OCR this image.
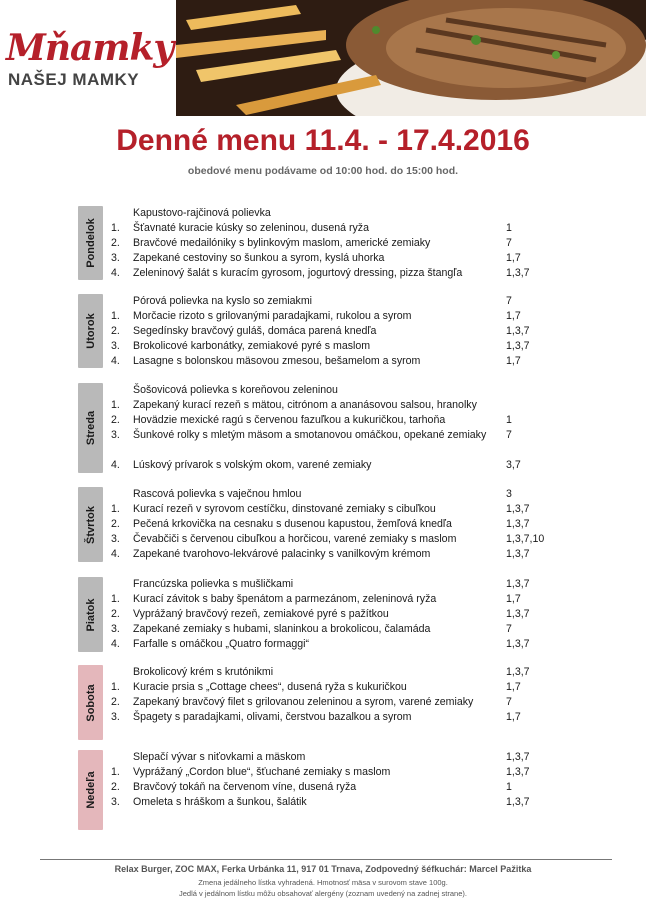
Mňamky
NAŠEJ MAMKY
Denné menu 11.4. - 17.4.2016
obedové menu podávame od 10:00 hod. do 15:00 hod.
Pondelok
Kapustovo-rajčinová polievka
1. Šťavnaté kuracie kúsky so zeleninou, dusená ryža	1
2. Bravčové medailóniky s bylinkovým maslom, americké zemiaky	7
3. Zapekané cestoviny so šunkou a syrom, kyslá uhorka	1,7
4. Zeleninový šalát s kuracím gyrosom, jogurtový dressing, pizza štangľa	1,3,7
Utorok
Pórová polievka na kyslo so zemiakmi	7
1. Morčacie rizoto s grilovanými paradajkami, rukolou a syrom	1,7
2. Segedínsky bravčový guláš, domáca parená knedľa	1,3,7
3. Brokolicové karbonátky, zemiakové pyré s maslom	1,3,7
4. Lasagne s bolonskou mäsovou zmesou, bešamelom a syrom	1,7
Streda
Šošovicová polievka s koreňovou zeleninou
1. Zapekaný kurací rezeň s mätou, citrónom a ananásovou salsou, hranolky
2. Hovädzie mexické ragú s červenou fazuľkou a kukuričkou, tarhoňa	1
3. Šunkové rolky s mletým mäsom a smotanovou omáčkou, opekané zemiaky	7
4. Lúskový prívarok s volským okom, varené zemiaky	3,7
Štvrtok
Rascová polievka s vaječnou hmlou	3
1. Kurací rezeň v syrovom cestíčku, dinstované zemiaky s cibuľkou	1,3,7
2. Pečená krkovička na cesnaku s dusenou kapustou, žemľová knedľa	1,3,7
3. Čevabčiči s červenou cibuľkou a horčicou, varené zemiaky s maslom	1,3,7,10
4. Zapekané tvarohovo-lekvárové palacinky s vanilkovým krémom	1,3,7
Piatok
Francúzska polievka s mušličkami	1,3,7
1. Kurací závitok s baby špenátom a parmezánom, zeleninová ryža	1,7
2. Vyprážaný bravčový rezeň, zemiakové pyré s pažítkou	1,3,7
3. Zapekané zemiaky s hubami, slaninkou a brokolicou, čalamáda	7
4. Farfalle s omáčkou „Quatro formaggi“	1,3,7
Sobota
Brokolicový krém s krutónikmi	1,3,7
1. Kuracie prsia s „Cottage chees“, dusená ryža s kukuričkou	1,7
2. Zapekaný bravčový filet s grilovanou zeleninou a syrom, varené zemiaky	7
3. Špagety s paradajkami, olivami, čerstvou bazalkou a syrom	1,7
Nedeľa
Slepačí vývar s niťovkami a mäskom	1,3,7
1. Vyprážaný „Cordon blue“, šťuchané zemiaky s maslom	1,3,7
2. Bravčový tokáň na červenom víne, dusená ryža	1
3. Omeleta s hráškom a šunkou, šalátik	1,3,7
Relax Burger, ZOC MAX, Ferka Urbánka 11, 917 01 Trnava, Zodpovedný šéfkuchár: Marcel Pažitka
Zmena jedálneho lístka vyhradená. Hmotnosť mäsa v surovom stave 100g.
Jedlá v jedálnom lístku môžu obsahovať alergény (zoznam uvedený na zadnej strane).
